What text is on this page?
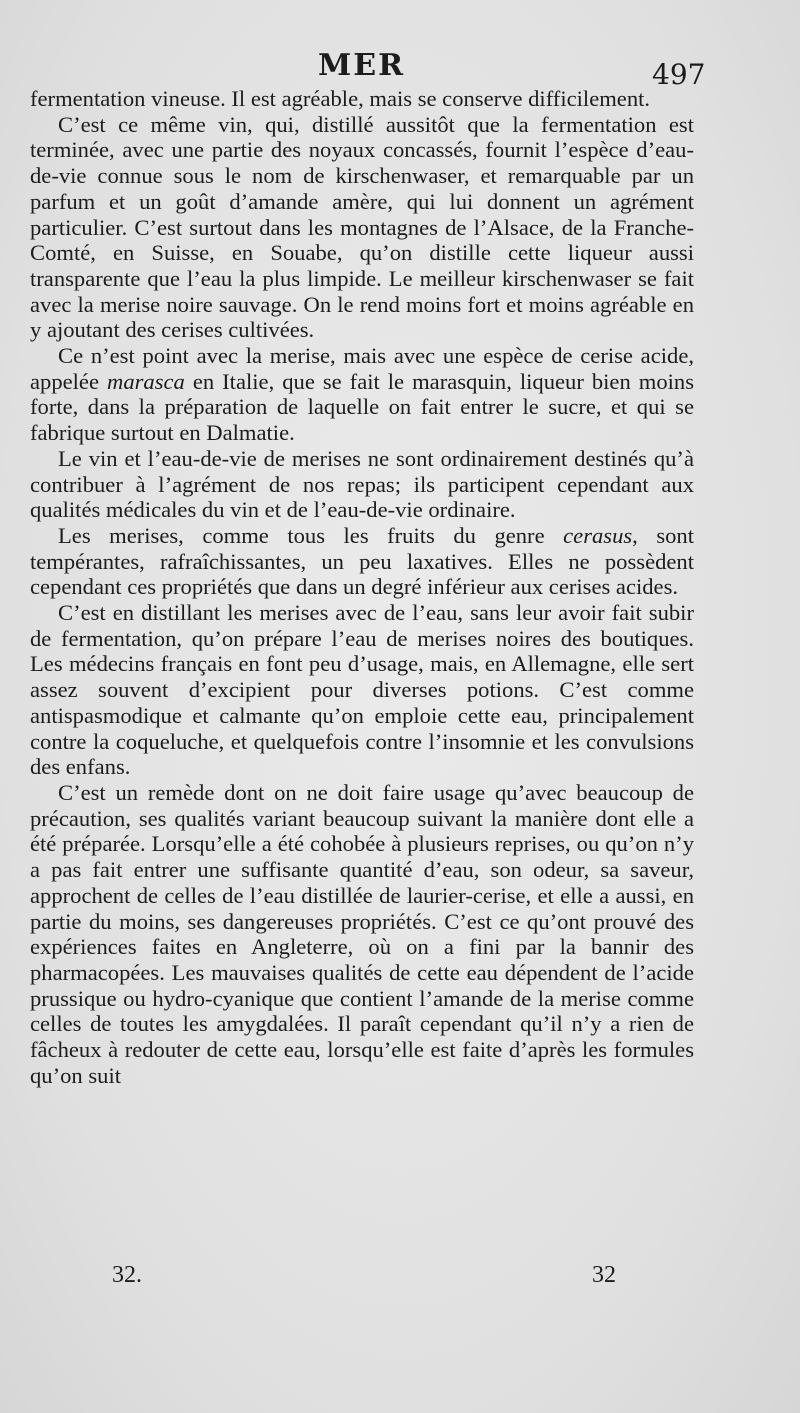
MER	497

fermentation vineuse. Il est agréable, mais se conserve difficilement.

C’est ce même vin, qui, distillé aussitôt que la fermentation est terminée, avec une partie des noyaux concassés, fournit l’espèce d’eau-de-vie connue sous le nom de kirschenwaser, et remarquable par un parfum et un goût d’amande amère, qui lui donnent un agrément particulier. C’est surtout dans les montagnes de l’Alsace, de la Franche-Comté, en Suisse, en Souabe, qu’on distille cette liqueur aussi transparente que l’eau la plus limpide. Le meilleur kirschenwaser se fait avec la merise noire sauvage. On le rend moins fort et moins agréable en y ajoutant des cerises cultivées.

Ce n’est point avec la merise, mais avec une espèce de cerise acide, appelée marasca en Italie, que se fait le marasquin, liqueur bien moins forte, dans la préparation de laquelle on fait entrer le sucre, et qui se fabrique surtout en Dalmatie.

Le vin et l’eau-de-vie de merises ne sont ordinairement destinés qu’à contribuer à l’agrément de nos repas; ils participent cependant aux qualités médicales du vin et de l’eau-de-vie ordinaire.

Les merises, comme tous les fruits du genre cerasus, sont tempérantes, rafraîchissantes, un peu laxatives. Elles ne possèdent cependant ces propriétés que dans un degré inférieur aux cerises acides.

C’est en distillant les merises avec de l’eau, sans leur avoir fait subir de fermentation, qu’on prépare l’eau de merises noires des boutiques. Les médecins français en font peu d’usage, mais, en Allemagne, elle sert assez souvent d’excipient pour diverses potions. C’est comme antispasmodique et calmante qu’on emploie cette eau, principalement contre la coqueluche, et quelquefois contre l’insomnie et les convulsions des enfans.

C’est un remède dont on ne doit faire usage qu’avec beaucoup de précaution, ses qualités variant beaucoup suivant la manière dont elle a été préparée. Lorsqu’elle a été cohobée à plusieurs reprises, ou qu’on n’y a pas fait entrer une suffisante quantité d’eau, son odeur, sa saveur, approchent de celles de l’eau distillée de laurier-cerise, et elle a aussi, en partie du moins, ses dangereuses propriétés. C’est ce qu’ont prouvé des expériences faites en Angleterre, où on a fini par la bannir des pharmacopées. Les mauvaises qualités de cette eau dépendent de l’acide prussique ou hydro-cyanique que contient l’amande de la merise comme celles de toutes les amygdalées. Il paraît cependant qu’il n’y a rien de fâcheux à redouter de cette eau, lorsqu’elle est faite d’après les formules qu’on suit

32.	32
